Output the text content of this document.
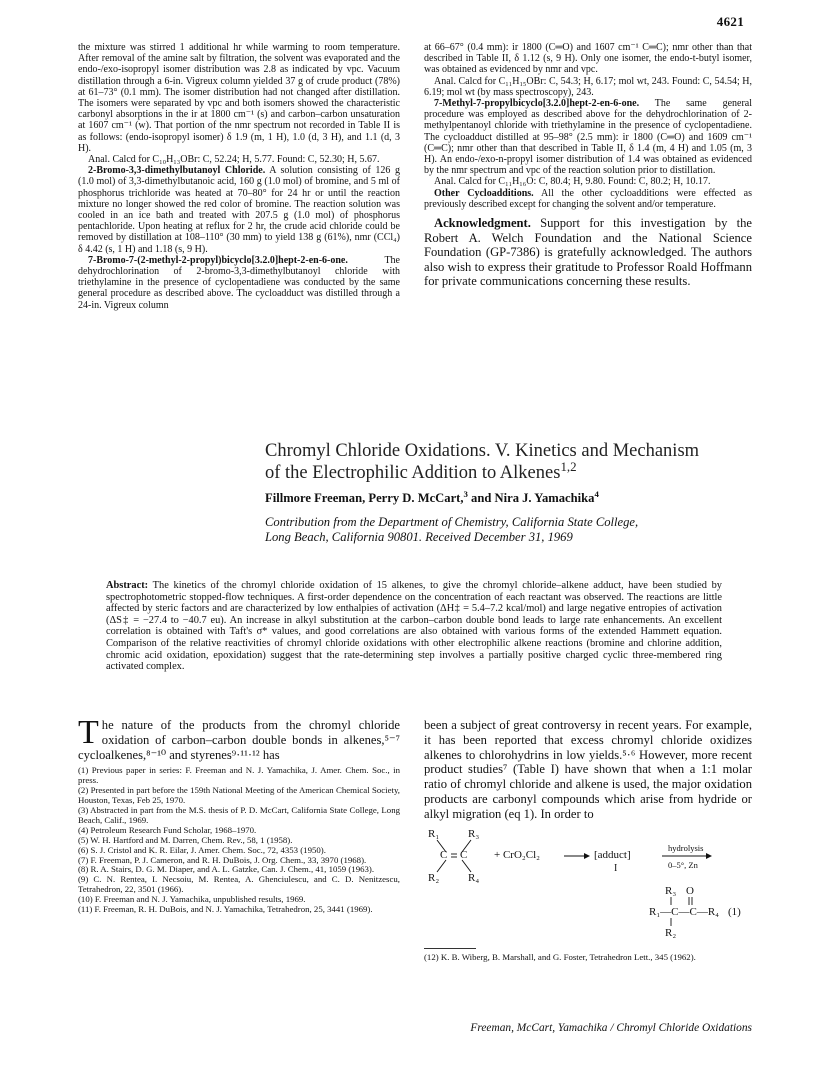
4621

the mixture was stirred 1 additional hr while warming to room temperature. After removal of the amine salt by filtration, the solvent was evaporated and the endo-/exo-isopropyl isomer distribution was 2.8 as indicated by vpc. Vacuum distillation through a 6-in. Vigreux column yielded 37 g of crude product (78%) at 61–73° (0.1 mm). The isomer distribution had not changed after distillation. The isomers were separated by vpc and both isomers showed the characteristic carbonyl absorptions in the ir at 1800 cm⁻¹ (s) and carbon–carbon unsaturation at 1607 cm⁻¹ (w). That portion of the nmr spectrum not recorded in Table II is as follows: (endo-isopropyl isomer) δ 1.9 (m, 1 H), 1.0 (d, 3 H), and 1.1 (d, 3 H).

Anal. Calcd for C₁₀H₁₃OBr: C, 52.24; H, 5.77. Found: C, 52.30; H, 5.67.

2-Bromo-3,3-dimethylbutanoyl Chloride. A solution consisting of 126 g (1.0 mol) of 3,3-dimethylbutanoic acid, 160 g (1.0 mol) of bromine, and 5 ml of phosphorus trichloride was heated at 70–80° for 24 hr or until the reaction mixture no longer showed the red color of bromine. The reaction solution was cooled in an ice bath and treated with 207.5 g (1.0 mol) of phosphorus pentachloride. Upon heating at reflux for 2 hr, the crude acid chloride could be removed by distillation at 108–110° (30 mm) to yield 138 g (61%), nmr (CCl₄) δ 4.42 (s, 1 H) and 1.18 (s, 9 H).

7-Bromo-7-(2-methyl-2-propyl)bicyclo[3.2.0]hept-2-en-6-one. The dehydrochlorination of 2-bromo-3,3-dimethylbutanoyl chloride with triethylamine in the presence of cyclopentadiene was conducted by the same general procedure as described above. The cycloadduct was distilled through a 24-in. Vigreux column

at 66–67° (0.4 mm): ir 1800 (C═O) and 1607 cm⁻¹ C═C); nmr other than that described in Table II, δ 1.12 (s, 9 H). Only one isomer, the endo-t-butyl isomer, was obtained as evidenced by nmr and vpc.

Anal. Calcd for C₁₁H₁₅OBr: C, 54.3; H, 6.17; mol wt, 243. Found: C, 54.54; H, 6.19; mol wt (by mass spectroscopy), 243.

7-Methyl-7-propylbicyclo[3.2.0]hept-2-en-6-one. The same general procedure was employed as described above for the dehydrochlorination of 2-methylpentanoyl chloride with triethylamine in the presence of cyclopentadiene. The cycloadduct distilled at 95–98° (2.5 mm): ir 1800 (C═O) and 1609 cm⁻¹ (C═C); nmr other than that described in Table II, δ 1.4 (m, 4 H) and 1.05 (m, 3 H). An endo-/exo-n-propyl isomer distribution of 1.4 was obtained as evidenced by the nmr spectrum and vpc of the reaction solution prior to distillation.

Anal. Calcd for C₁₁H₁₆O: C, 80.4; H, 9.80. Found: C, 80.2; H, 10.17.

Other Cycloadditions. All the other cycloadditions were effected as previously described except for changing the solvent and/or temperature.

Acknowledgment. Support for this investigation by the Robert A. Welch Foundation and the National Science Foundation (GP-7386) is gratefully acknowledged. The authors also wish to express their gratitude to Professor Roald Hoffmann for private communications concerning these results.

Chromyl Chloride Oxidations. V. Kinetics and Mechanism
of the Electrophilic Addition to Alkenes$^{1,2}$
Fillmore Freeman, Perry D. McCart,$^3$ and Nira J. Yamachika$^4$
Contribution from the Department of Chemistry, California State College,
Long Beach, California 90801. Received December 31, 1969
Abstract: The kinetics of the chromyl chloride oxidation of 15 alkenes, to give the chromyl chloride–alkene adduct, have been studied by spectrophotometric stopped-flow techniques. A first-order dependence on the concentration of each reactant was observed. The reactions are little affected by steric factors and are characterized by low enthalpies of activation (ΔH‡ = 5.4–7.2 kcal/mol) and large negative entropies of activation (ΔS‡ = −27.4 to −40.7 eu). An increase in alkyl substitution at the carbon–carbon double bond leads to large rate enhancements. An excellent correlation is obtained with Taft's σ* values, and good correlations are also obtained with various forms of the extended Hammett equation. Comparison of the relative reactivities of chromyl chloride oxidations with other electrophilic alkene reactions (bromine and chlorine addition, chromic acid oxidation, epoxidation) suggest that the rate-determining step involves a partially positive charged cyclic three-membered ring activated complex.

The nature of the products from the chromyl chloride oxidation of carbon–carbon double bonds in alkenes,⁵⁻⁷ cycloalkenes,⁸⁻¹⁰ and styrenes⁹·¹¹·¹² has

(1) Previous paper in series: F. Freeman and N. J. Yamachika, J. Amer. Chem. Soc., in press.

(2) Presented in part before the 159th National Meeting of the American Chemical Society, Houston, Texas, Feb 25, 1970.

(3) Abstracted in part from the M.S. thesis of P. D. McCart, California State College, Long Beach, Calif., 1969.

(4) Petroleum Research Fund Scholar, 1968–1970.

(5) W. H. Hartford and M. Darren, Chem. Rev., 58, 1 (1958).

(6) S. J. Cristol and K. R. Eilar, J. Amer. Chem. Soc., 72, 4353 (1950).

(7) F. Freeman, P. J. Cameron, and R. H. DuBois, J. Org. Chem., 33, 3970 (1968).

(8) R. A. Stairs, D. G. M. Diaper, and A. L. Gatzke, Can. J. Chem., 41, 1059 (1963).

(9) C. N. Rentea, I. Necsoiu, M. Rentea, A. Ghenciulescu, and C. D. Nenitzescu, Tetrahedron, 22, 3501 (1966).

(10) F. Freeman and N. J. Yamachika, unpublished results, 1969.

(11) F. Freeman, R. H. DuBois, and N. J. Yamachika, Tetrahedron, 25, 3441 (1969).

been a subject of great controversy in recent years. For example, it has been reported that excess chromyl chloride oxidizes alkenes to chlorohydrins in low yields.⁵·⁶ However, more recent product studies⁷ (Table I) have shown that when a 1:1 molar ratio of chromyl chloride and alkene is used, the major oxidation products are carbonyl compounds which arise from hydride or alkyl migration (eq 1). In order to

R₁	R₃
C C
R₂	R₄
+ CrO₂Cl₂	[adduct]
I
hydrolysis
0–5°, Zn
R₃ O
R₁—C—C—R₄
R₂
(1)

(12) K. B. Wiberg, B. Marshall, and G. Foster, Tetrahedron Lett., 345 (1962).

Freeman, McCart, Yamachika / Chromyl Chloride Oxidations
